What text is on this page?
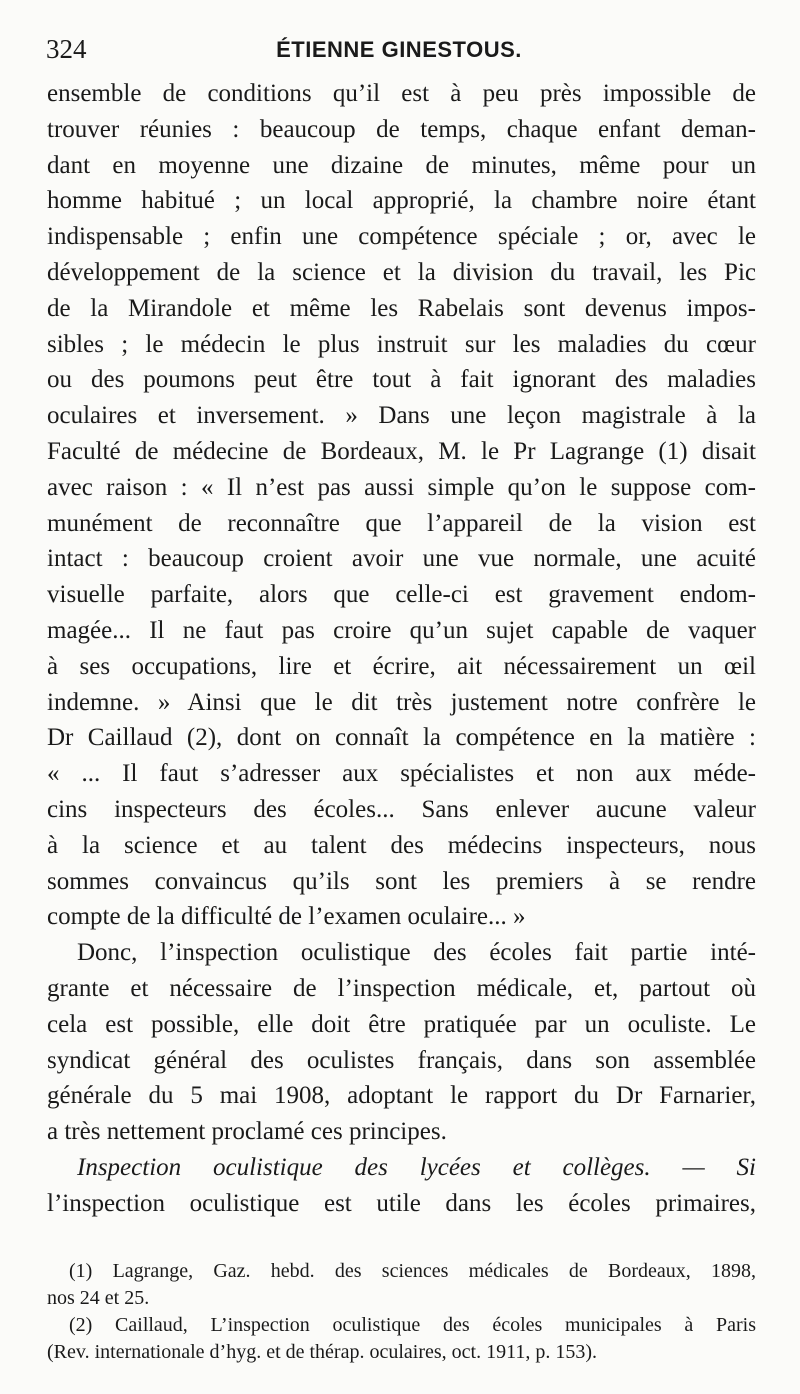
324	ÉTIENNE GINESTOUS.
ensemble de conditions qu’il est à peu près impossible de
trouver réunies : beaucoup de temps, chaque enfant deman-
dant en moyenne une dizaine de minutes, même pour un
homme habitué ; un local approprié, la chambre noire étant
indispensable ; enfin une compétence spéciale ; or, avec le
développement de la science et la division du travail, les Pic
de la Mirandole et même les Rabelais sont devenus impos-
sibles ; le médecin le plus instruit sur les maladies du cœur
ou des poumons peut être tout à fait ignorant des maladies
oculaires et inversement. » Dans une leçon magistrale à la
Faculté de médecine de Bordeaux, M. le Pr Lagrange (1) disait
avec raison : « Il n’est pas aussi simple qu’on le suppose com-
munément de reconnaître que l’appareil de la vision est
intact : beaucoup croient avoir une vue normale, une acuité
visuelle parfaite, alors que celle-ci est gravement endom-
magée... Il ne faut pas croire qu’un sujet capable de vaquer
à ses occupations, lire et écrire, ait nécessairement un œil
indemne. » Ainsi que le dit très justement notre confrère le
Dr Caillaud (2), dont on connaît la compétence en la matière :
« ... Il faut s’adresser aux spécialistes et non aux méde-
cins inspecteurs des écoles... Sans enlever aucune valeur
à la science et au talent des médecins inspecteurs, nous
sommes convaincus qu’ils sont les premiers à se rendre
compte de la difficulté de l’examen oculaire... »
Donc, l’inspection oculistique des écoles fait partie inté-
grante et nécessaire de l’inspection médicale, et, partout où
cela est possible, elle doit être pratiquée par un oculiste. Le
syndicat général des oculistes français, dans son assemblée
générale du 5 mai 1908, adoptant le rapport du Dr Farnarier,
a très nettement proclamé ces principes.
Inspection oculistique des lycées et collèges. — Si
l’inspection oculistique est utile dans les écoles primaires,
(1) Lagrange, Gaz. hebd. des sciences médicales de Bordeaux, 1898,
nos 24 et 25.
(2) Caillaud, L’inspection oculistique des écoles municipales à Paris
(Rev. internationale d’hyg. et de thérap. oculaires, oct. 1911, p. 153).
